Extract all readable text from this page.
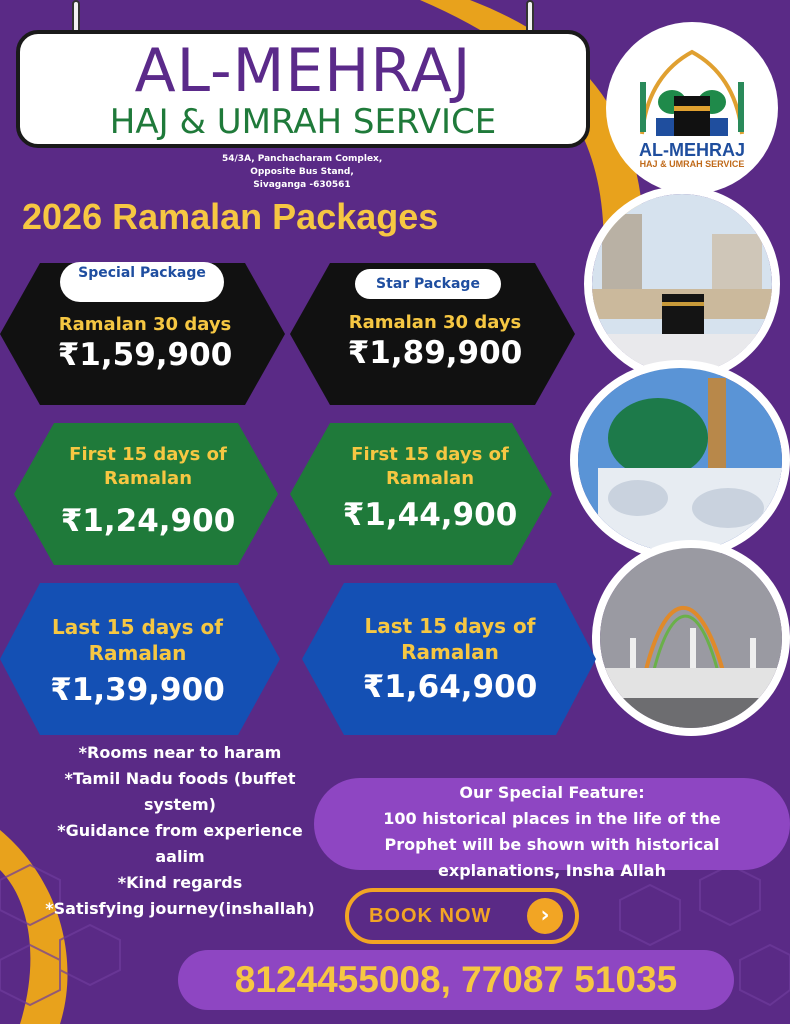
AL-MEHRAJ
HAJ & UMRAH SERVICE
54/3A, Panchacharam Complex,
Opposite Bus Stand,
Sivaganga -630561
2026 Ramalan Packages
AL-MEHRAJ
HAJ & UMRAH SERVICE
Special Package
Star Package
Ramalan 30 days
₹1,59,900
Ramalan 30 days
₹1,89,900
First 15 days of Ramalan
₹1,24,900
First 15 days of Ramalan
₹1,44,900
Last 15 days of Ramalan
₹1,39,900
Last 15 days of Ramalan
₹1,64,900
*Rooms near to haram
*Tamil Nadu foods (buffet system)
*Guidance from experience aalim
*Kind regards
*Satisfying journey(inshallah)
Our Special Feature:
100 historical places in the life of the Prophet will be shown with historical explanations, Insha Allah
BOOK NOW	›
8124455008, 77087 51035
